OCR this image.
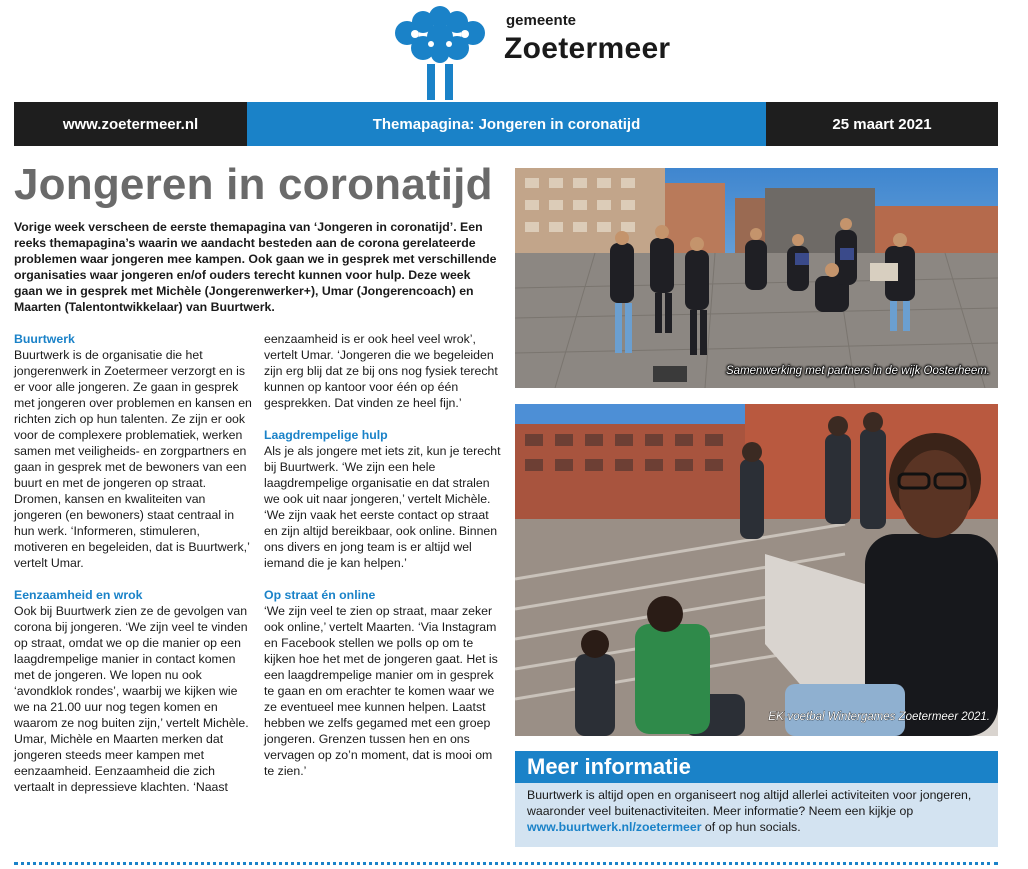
gemeente
Zoetermeer
www.zoetermeer.nl	Themapagina: Jongeren in coronatijd	25 maart 2021
Jongeren in coronatijd

Vorige week verscheen de eerste themapagina van ‘Jongeren in coronatijd’. Een reeks themapagina’s waarin we aandacht besteden aan de corona gerelateerde problemen waar jongeren mee kampen. Ook gaan we in gesprek met verschillende organisaties waar jongeren en/of ouders terecht kunnen voor hulp. Deze week gaan we in gesprek met Michèle (Jongerenwerker+), Umar (Jongerencoach) en Maarten (Talentontwikkelaar) van Buurtwerk.

Buurtwerk
Buurtwerk is de organisatie die het jongerenwerk in Zoetermeer verzorgt en is er voor alle jongeren. Ze gaan in gesprek met jongeren over problemen en kansen en richten zich op hun talenten. Ze zijn er ook voor de complexere problematiek, werken samen met veiligheids- en zorgpartners en gaan in gesprek met de bewoners van een buurt en met de jongeren op straat. Dromen, kansen en kwaliteiten van jongeren (en bewoners) staat centraal in hun werk. ‘Informeren, stimuleren, motiveren en begeleiden, dat is Buurtwerk,’ vertelt Umar.
Eenzaamheid en wrok
Ook bij Buurtwerk zien ze de gevolgen van corona bij jongeren. ‘We zijn veel te vinden op straat, omdat we op die manier op een laagdrempelige manier in contact komen met de jongeren. We lopen nu ook ‘avondklok rondes’, waarbij we kijken wie we na 21.00 uur nog tegen komen en waarom ze nog buiten zijn,’ vertelt Michèle. Umar, Michèle en Maarten merken dat jongeren steeds meer kampen met eenzaamheid. Eenzaamheid die zich vertaalt in depressieve klachten. ‘Naast
eenzaamheid is er ook heel veel wrok’, vertelt Umar. ‘Jongeren die we begeleiden zijn erg blij dat ze bij ons nog fysiek terecht kunnen op kantoor voor één op één gesprekken. Dat vinden ze heel fijn.’
Laagdrempelige hulp
Als je als jongere met iets zit, kun je terecht bij Buurtwerk. ‘We zijn een hele laagdrempelige organisatie en dat stralen we ook uit naar jongeren,’ vertelt Michèle. ‘We zijn vaak het eerste contact op straat en zijn altijd bereikbaar, ook online. Binnen ons divers en jong team is er altijd wel iemand die je kan helpen.’
Op straat én online
‘We zijn veel te zien op straat, maar zeker ook online,’ vertelt Maarten. ‘Via Instagram en Facebook stellen we polls op om te kijken hoe het met de jongeren gaat. Het is een laagdrempelige manier om in gesprek te gaan en om erachter te komen waar we ze eventueel mee kunnen helpen. Laatst hebben we zelfs gegamed met een groep jongeren. Grenzen tussen hen en ons vervagen op zo’n moment, dat is mooi om te zien.’
Samenwerking met partners in de wijk Oosterheem.
EK-voetbal Wintergames Zoetermeer 2021.
Meer informatie
Buurtwerk is altijd open en organiseert nog altijd allerlei activiteiten voor jongeren, waaronder veel buitenactiviteiten. Meer informatie? Neem een kijkje op www.buurtwerk.nl/zoetermeer of op hun socials.
